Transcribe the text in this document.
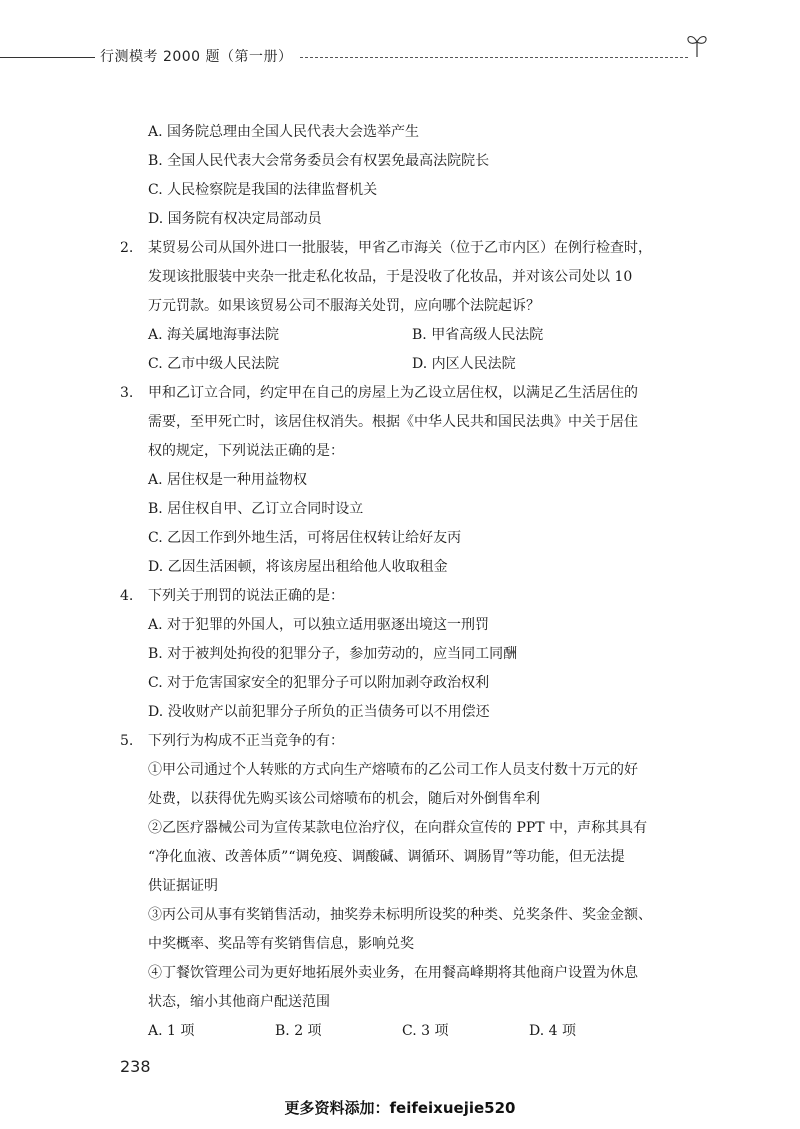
行测模考 2000 题（第一册）
A. 国务院总理由全国人民代表大会选举产生
B. 全国人民代表大会常务委员会有权罢免最高法院院长
C. 人民检察院是我国的法律监督机关
D. 国务院有权决定局部动员
2. 某贸易公司从国外进口一批服装，甲省乙市海关（位于乙市内区）在例行检查时，
发现该批服装中夹杂一批走私化妆品，于是没收了化妆品，并对该公司处以 10
万元罚款。如果该贸易公司不服海关处罚，应向哪个法院起诉？
A. 海关属地海事法院	B. 甲省高级人民法院
C. 乙市中级人民法院	D. 内区人民法院
3. 甲和乙订立合同，约定甲在自己的房屋上为乙设立居住权，以满足乙生活居住的
需要，至甲死亡时，该居住权消失。根据《中华人民共和国民法典》中关于居住
权的规定，下列说法正确的是：
A. 居住权是一种用益物权
B. 居住权自甲、乙订立合同时设立
C. 乙因工作到外地生活，可将居住权转让给好友丙
D. 乙因生活困顿，将该房屋出租给他人收取租金
4. 下列关于刑罚的说法正确的是：
A. 对于犯罪的外国人，可以独立适用驱逐出境这一刑罚
B. 对于被判处拘役的犯罪分子，参加劳动的，应当同工同酬
C. 对于危害国家安全的犯罪分子可以附加剥夺政治权利
D. 没收财产以前犯罪分子所负的正当债务可以不用偿还
5. 下列行为构成不正当竞争的有：
①甲公司通过个人转账的方式向生产熔喷布的乙公司工作人员支付数十万元的好
处费，以获得优先购买该公司熔喷布的机会，随后对外倒售牟利
②乙医疗器械公司为宣传某款电位治疗仪，在向群众宣传的 PPT 中，声称其具有
“净化血液、改善体质”“调免疫、调酸碱、调循环、调肠胃”等功能，但无法提
供证据证明
③丙公司从事有奖销售活动，抽奖券未标明所设奖的种类、兑奖条件、奖金金额、
中奖概率、奖品等有奖销售信息，影响兑奖
④丁餐饮管理公司为更好地拓展外卖业务，在用餐高峰期将其他商户设置为休息
状态，缩小其他商户配送范围
A. 1 项	B. 2 项	C. 3 项	D. 4 项
238
更多资料添加：feifeixuejie520
